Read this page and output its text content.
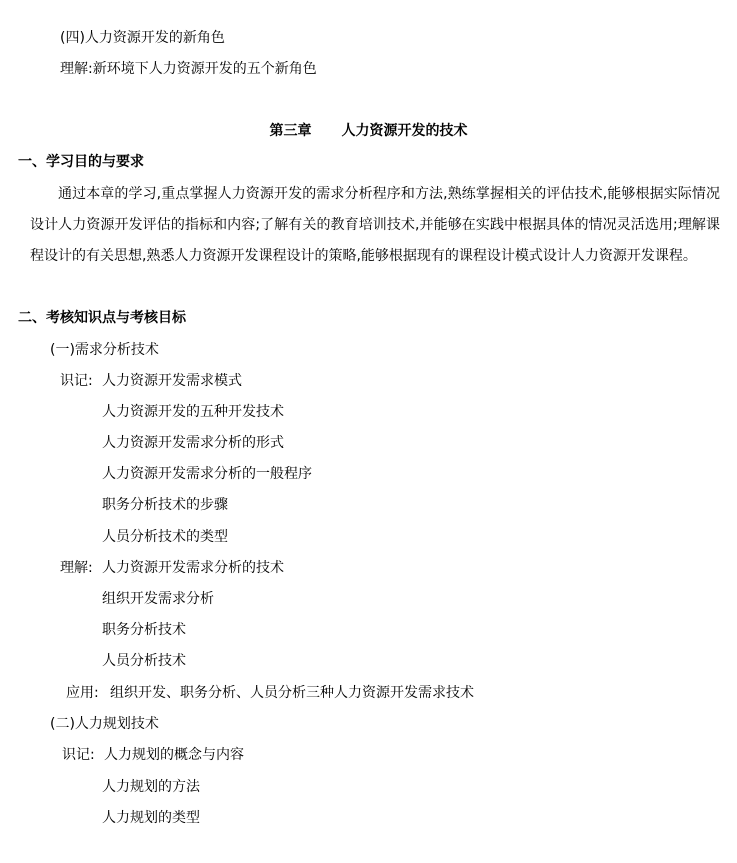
(四)人力资源开发的新角色
理解:新环境下人力资源开发的五个新角色
第三章 人力资源开发的技术
一、学习目的与要求
通过本章的学习,重点掌握人力资源开发的需求分析程序和方法,熟练掌握相关的评估技术,能够根据实际情况设计人力资源开发评估的指标和内容;了解有关的教育培训技术,并能够在实践中根据具体的情况灵活选用;理解课程设计的有关思想,熟悉人力资源开发课程设计的策略,能够根据现有的课程设计模式设计人力资源开发课程。
二、考核知识点与考核目标
(一)需求分析技术
识记: 人力资源开发需求模式
人力资源开发的五种开发技术
人力资源开发需求分析的形式
人力资源开发需求分析的一般程序
职务分析技术的步骤
人员分析技术的类型
理解: 人力资源开发需求分析的技术
组织开发需求分析
职务分析技术
人员分析技术
应用: 组织开发、职务分析、人员分析三种人力资源开发需求技术
(二)人力规划技术
识记: 人力规划的概念与内容
人力规划的方法
人力规划的类型
